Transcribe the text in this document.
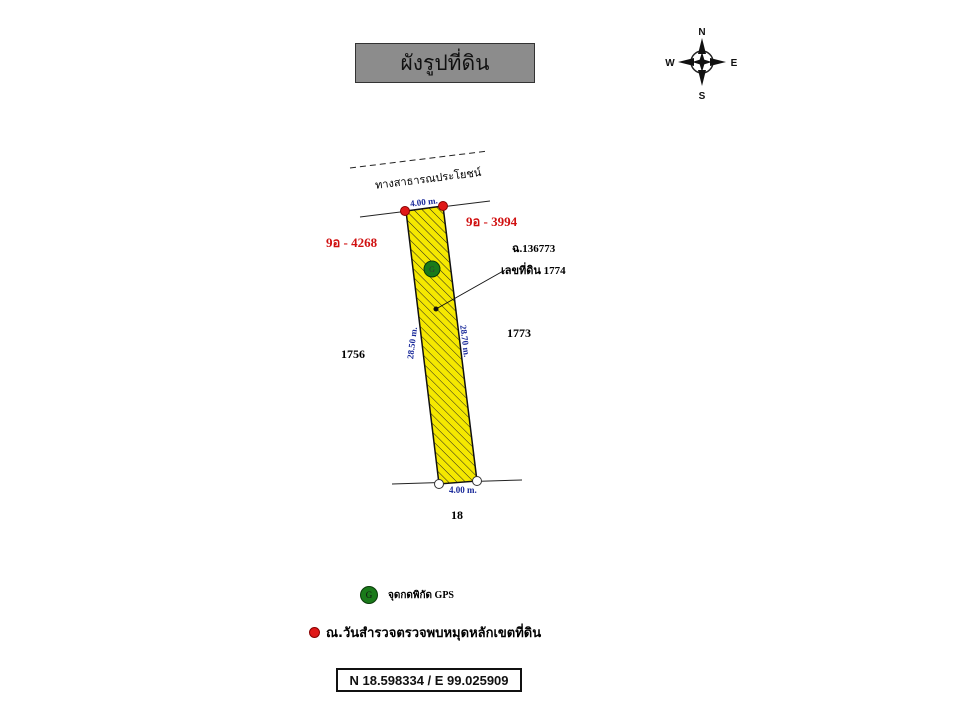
ผังรูปที่ดิน
N
S
W	E
G
ทางสาธารณประโยชน์
4.00 m.
4.00 m.
28.50 m.	28.70 m.
9อ - 4268
9อ - 3994
ฉ.136773
เลขที่ดิน 1774
1756
1773
18
G	จุดกดพิกัด GPS
ณ.วันสำรวจตรวจพบหมุดหลักเขตที่ดิน
N 18.598334 / E 99.025909
